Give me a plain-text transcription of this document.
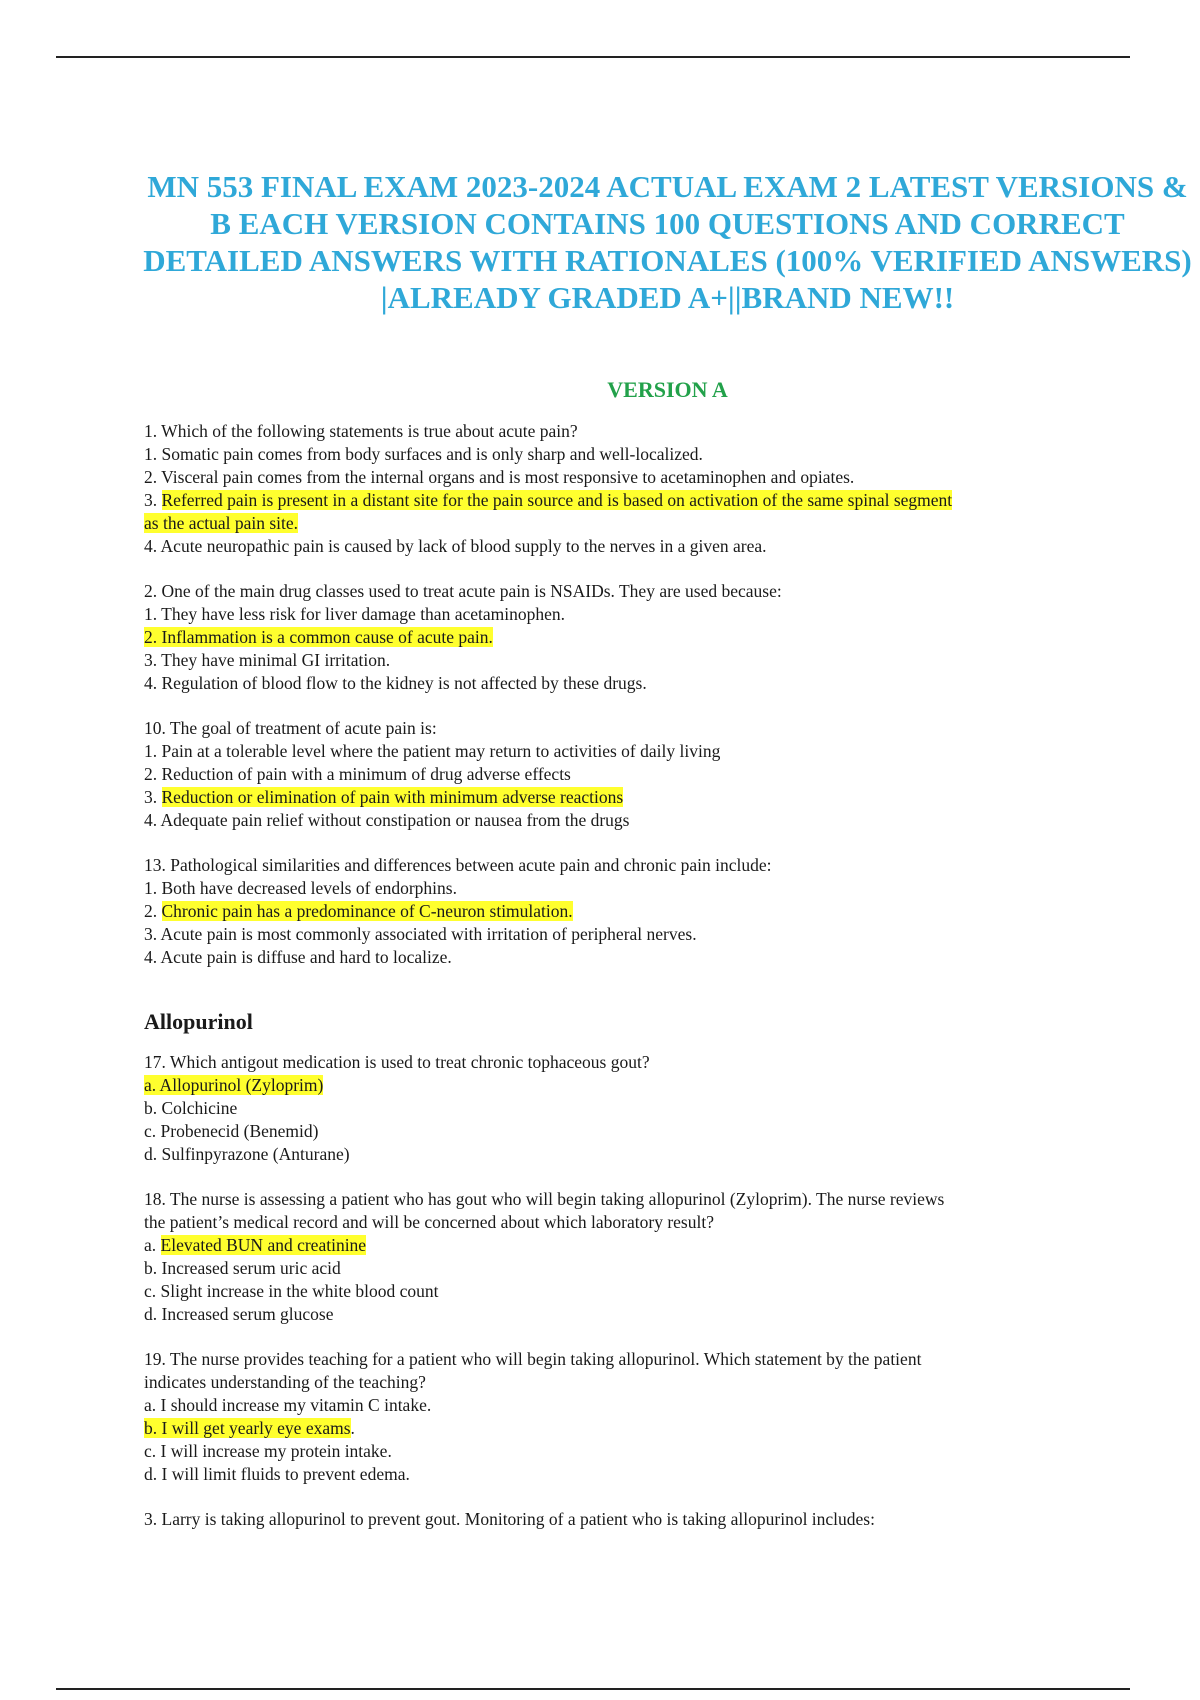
MN 553 FINAL EXAM 2023-2024 ACTUAL EXAM 2 LATEST VERSIONS & B EACH VERSION CONTAINS 100 QUESTIONS AND CORRECT DETAILED ANSWERS WITH RATIONALES (100% VERIFIED ANSWERS) |ALREADY GRADED A+||BRAND NEW!!
VERSION A
1. Which of the following statements is true about acute pain?
1. Somatic pain comes from body surfaces and is only sharp and well-localized.
2. Visceral pain comes from the internal organs and is most responsive to acetaminophen and opiates.
3. Referred pain is present in a distant site for the pain source and is based on activation of the same spinal segment
as the actual pain site.
4. Acute neuropathic pain is caused by lack of blood supply to the nerves in a given area.
2. One of the main drug classes used to treat acute pain is NSAIDs. They are used because:
1. They have less risk for liver damage than acetaminophen.
2. Inflammation is a common cause of acute pain.
3. They have minimal GI irritation.
4. Regulation of blood flow to the kidney is not affected by these drugs.
10. The goal of treatment of acute pain is:
1. Pain at a tolerable level where the patient may return to activities of daily living
2. Reduction of pain with a minimum of drug adverse effects
3. Reduction or elimination of pain with minimum adverse reactions
4. Adequate pain relief without constipation or nausea from the drugs
13. Pathological similarities and differences between acute pain and chronic pain include:
1. Both have decreased levels of endorphins.
2. Chronic pain has a predominance of C-neuron stimulation.
3. Acute pain is most commonly associated with irritation of peripheral nerves.
4. Acute pain is diffuse and hard to localize.
Allopurinol
17. Which antigout medication is used to treat chronic tophaceous gout?
a. Allopurinol (Zyloprim)
b. Colchicine
c. Probenecid (Benemid)
d. Sulfinpyrazone (Anturane)
18. The nurse is assessing a patient who has gout who will begin taking allopurinol (Zyloprim). The nurse reviews
the patient’s medical record and will be concerned about which laboratory result?
a. Elevated BUN and creatinine
b. Increased serum uric acid
c. Slight increase in the white blood count
d. Increased serum glucose
19. The nurse provides teaching for a patient who will begin taking allopurinol. Which statement by the patient
indicates understanding of the teaching?
a. I should increase my vitamin C intake.
b. I will get yearly eye exams.
c. I will increase my protein intake.
d. I will limit fluids to prevent edema.
3. Larry is taking allopurinol to prevent gout. Monitoring of a patient who is taking allopurinol includes:
